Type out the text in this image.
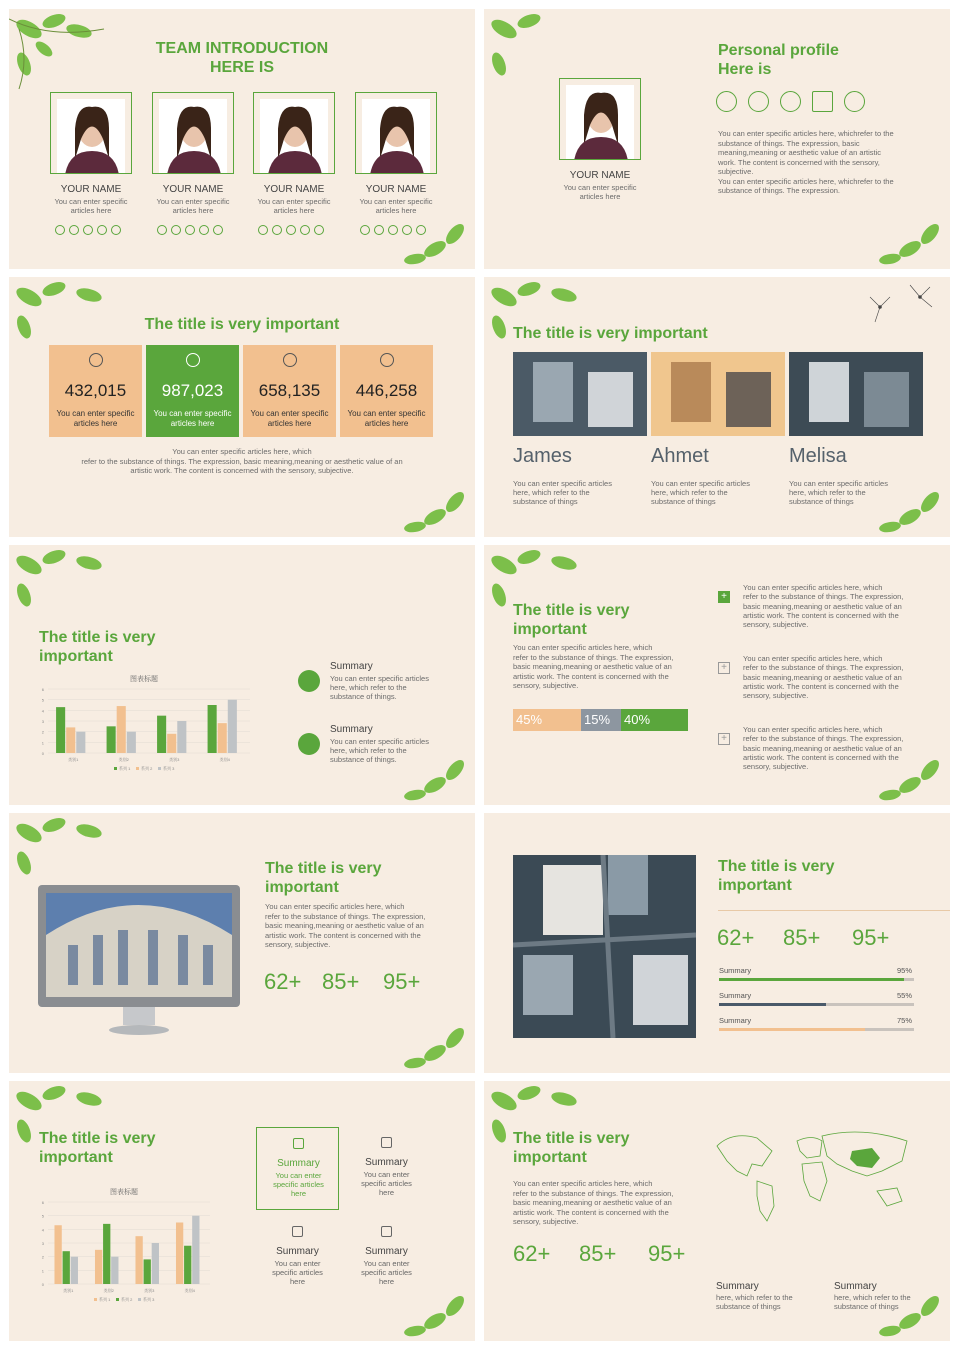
TEAM INTRODUCTION
HERE IS
YOUR NAME
You can enter specific
articles here
YOUR NAME
You can enter specific
articles here
YOUR NAME
You can enter specific
articles here
YOUR NAME
You can enter specific
articles here
YOUR NAME
You can enter specific
articles here
Personal profile
Here is
You can enter specific articles here, whichrefer to the
substance of things. The expression, basic
meaning,meaning or aesthetic value of an artistic
work. The content is concerned with the sensory,
subjective.
You can enter specific articles here, whichrefer to the
substance of things. The expression.
The title is very important
You can enter specific articles here, which
refer to the substance of things. The expression, basic meaning,meaning or aesthetic value of an
artistic work. The content is concerned with the sensory, subjective.
432,015
You can enter specific
articles here
987,023
You can enter specific
articles here
658,135
You can enter specific
articles here
446,258
You can enter specific
articles here
The title is very important
James
You can enter specific articles
here, which refer to the
substance of things
Ahmet
You can enter specific articles
here, which refer to the
substance of things
Melisa
You can enter specific articles
here, which refer to the
substance of things
The title is very
important
图表标题
0
1
2
3
4
5
6
类别1	类别2	类别3	类别4
系列 1	系列 2	系列 3
Summary
You can enter specific articles
here, which refer to the
substance of things.
Summary
You can enter specific articles
here, which refer to the
substance of things.
The title is very
important
You can enter specific articles here, which
refer to the substance of things. The expression,
basic meaning,meaning or aesthetic value of an
artistic work. The content is concerned with the
sensory, subjective.
45%	15%	40%
+
You can enter specific articles here, which
refer to the substance of things. The expression,
basic meaning,meaning or aesthetic value of an
artistic work. The content is concerned with the
sensory, subjective.
+
You can enter specific articles here, which
refer to the substance of things. The expression,
basic meaning,meaning or aesthetic value of an
artistic work. The content is concerned with the
sensory, subjective.
+
You can enter specific articles here, which
refer to the substance of things. The expression,
basic meaning,meaning or aesthetic value of an
artistic work. The content is concerned with the
sensory, subjective.
The title is very
important
You can enter specific articles here, which
refer to the substance of things. The expression,
basic meaning,meaning or aesthetic value of an
artistic work. The content is concerned with the
sensory, subjective.
62+ 85+ 95+
The title is very
important
62+ 85+ 95+
Summary	95%
Summary	55%
Summary	75%
The title is very
important
图表标题
0
1
2
3
4
5
6
类别1	类别2	类别3	类别4
系列 1	系列 2	系列 3
Summary
You can enter
specific articles
here
Summary
You can enter
specific articles
here
Summary
You can enter
specific articles
here
Summary
You can enter
specific articles
here
The title is very
important
You can enter specific articles here, which
refer to the substance of things. The expression,
basic meaning,meaning or aesthetic value of an
artistic work. The content is concerned with the
sensory, subjective.
62+ 85+ 95+
Summary
here, which refer to the
substance of things
Summary
here, which refer to the
substance of things
